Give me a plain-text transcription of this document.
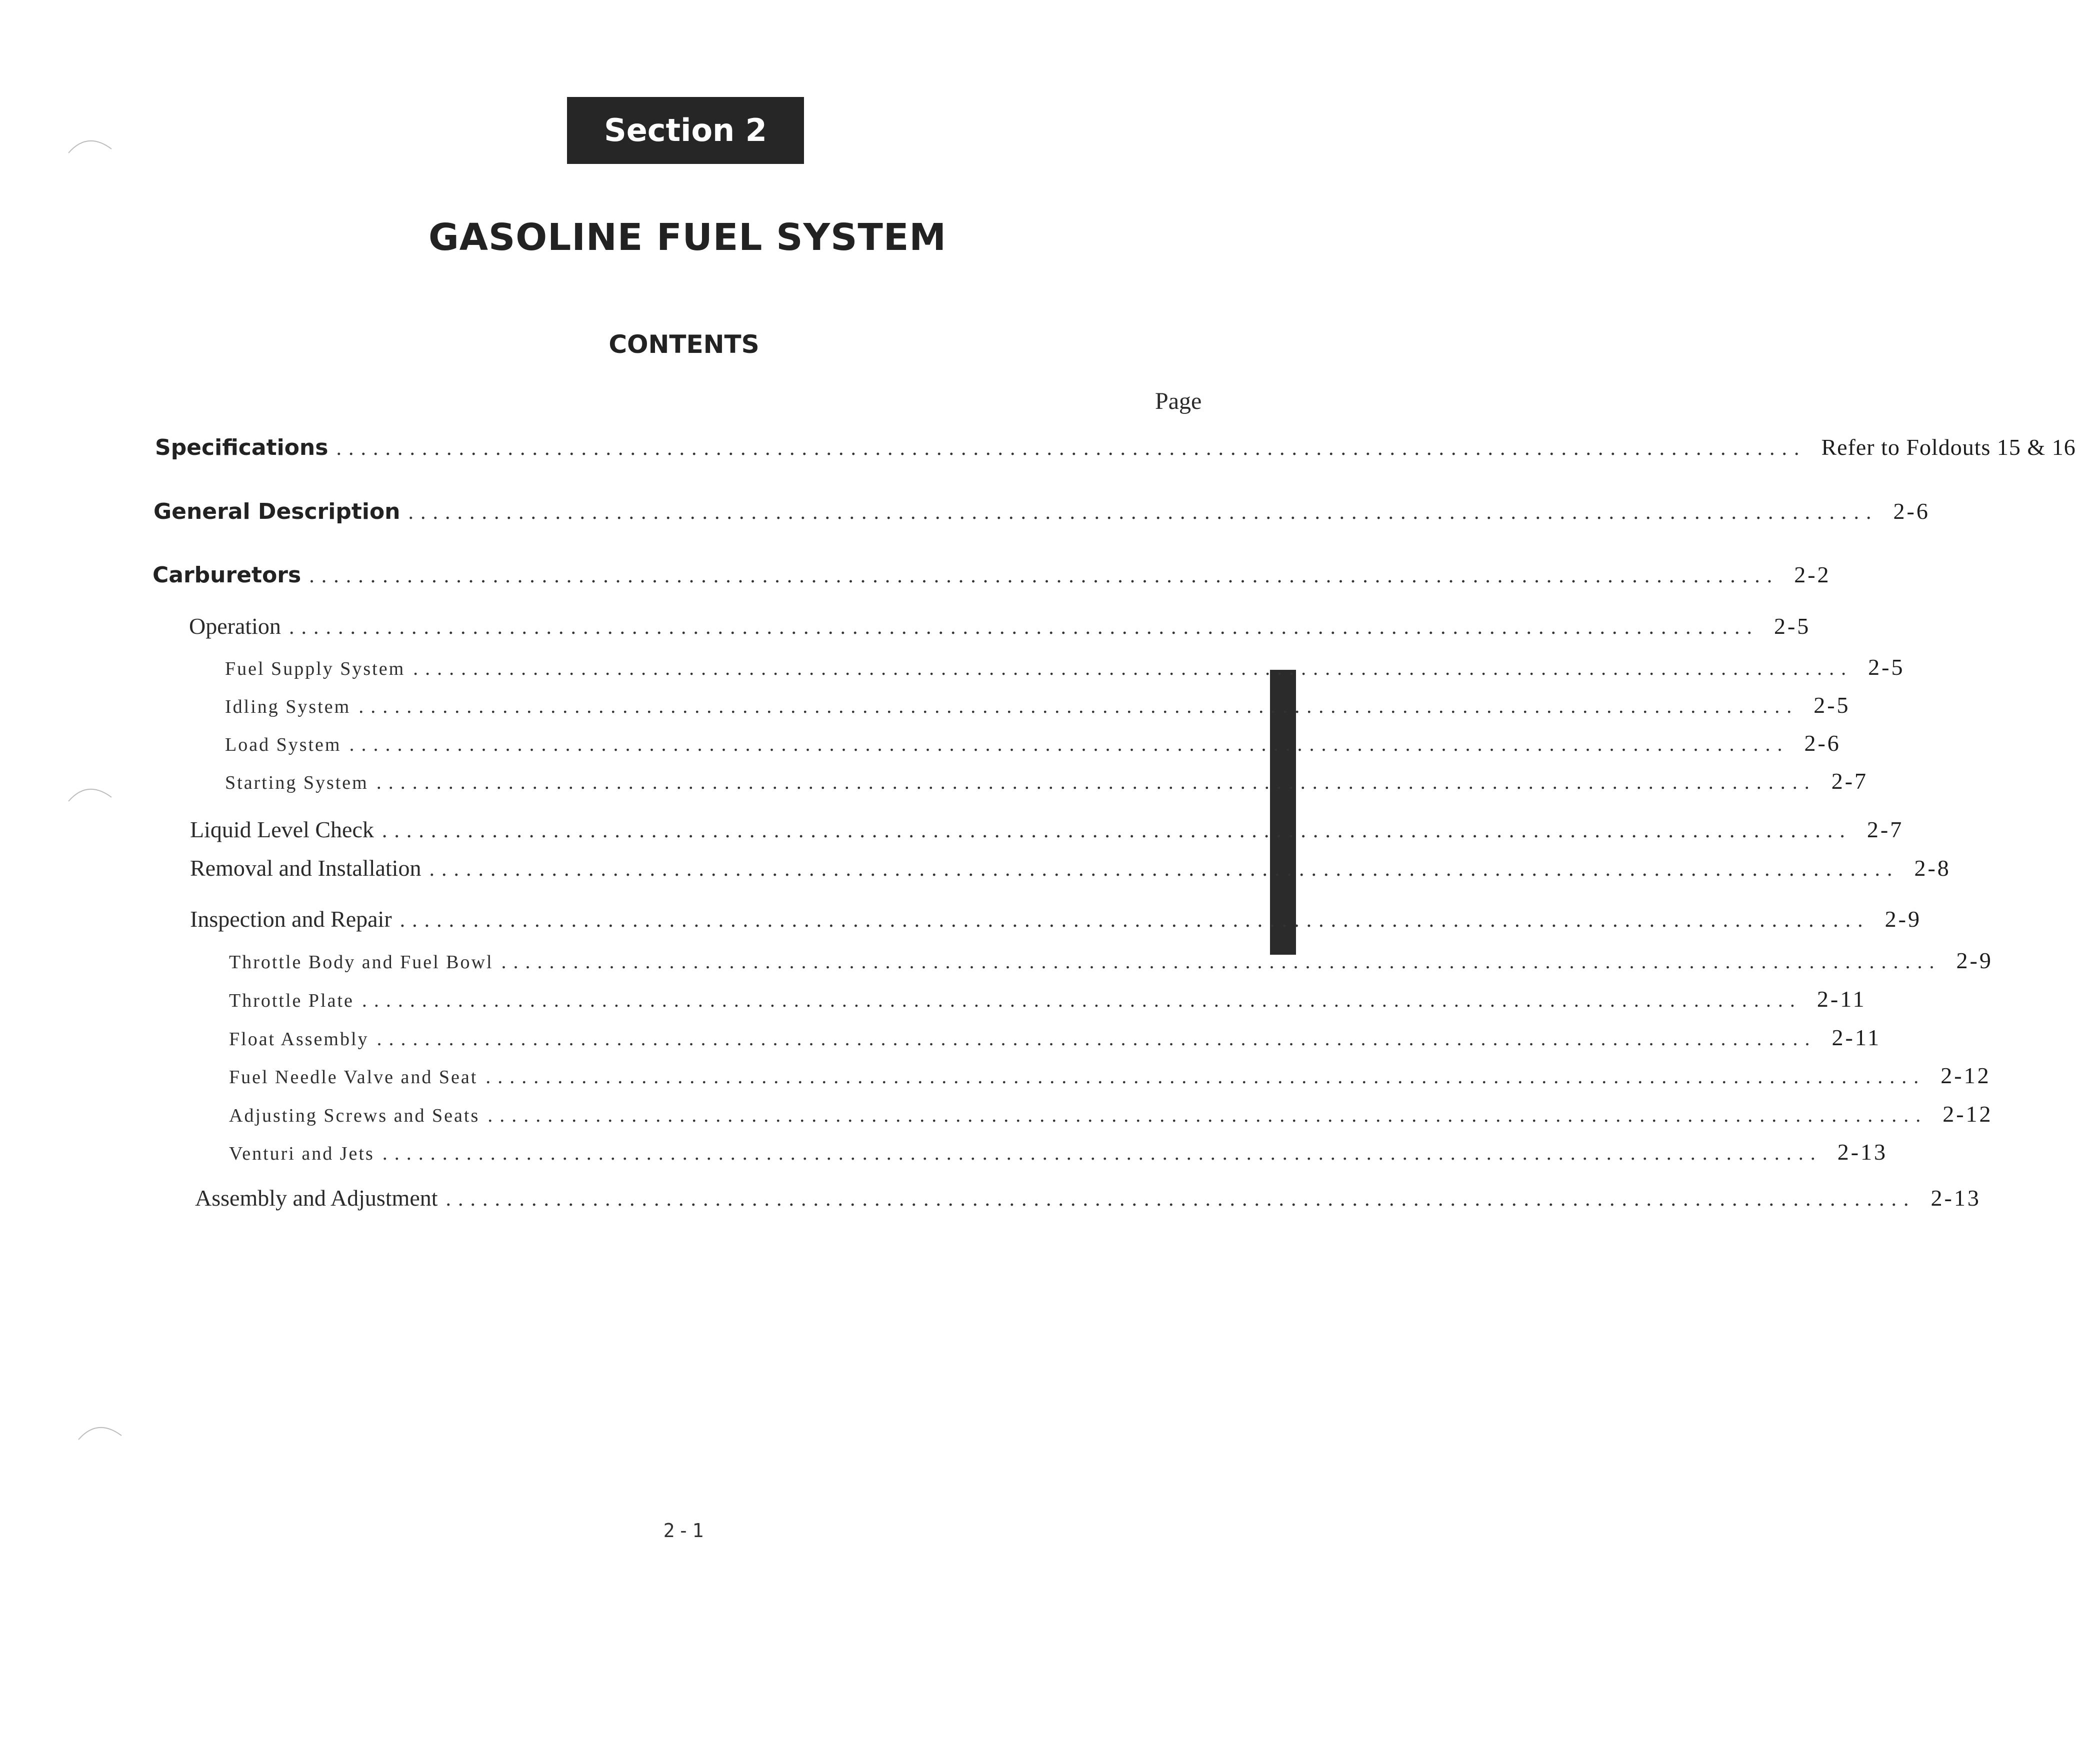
Section 2
GASOLINE FUEL SYSTEM
CONTENTS
Page
Specifications ........................................................................................................................ Refer to Foldouts 15 & 16
General Description ........................................................................................................................ 2-6
Carburetors ........................................................................................................................ 2-2
Operation ........................................................................................................................ 2-5
Fuel Supply System ........................................................................................................................ 2-5
Idling System ........................................................................................................................ 2-5
Load System ........................................................................................................................ 2-6
Starting System ........................................................................................................................ 2-7
Liquid Level Check ........................................................................................................................ 2-7
Removal and Installation ........................................................................................................................ 2-8
Inspection and Repair ........................................................................................................................ 2-9
Throttle Body and Fuel Bowl ........................................................................................................................ 2-9
Throttle Plate ........................................................................................................................ 2-11
Float Assembly ........................................................................................................................ 2-11
Fuel Needle Valve and Seat ........................................................................................................................ 2-12
Adjusting Screws and Seats ........................................................................................................................ 2-12
Venturi and Jets ........................................................................................................................ 2-13
Assembly and Adjustment ........................................................................................................................ 2-13
2-1
